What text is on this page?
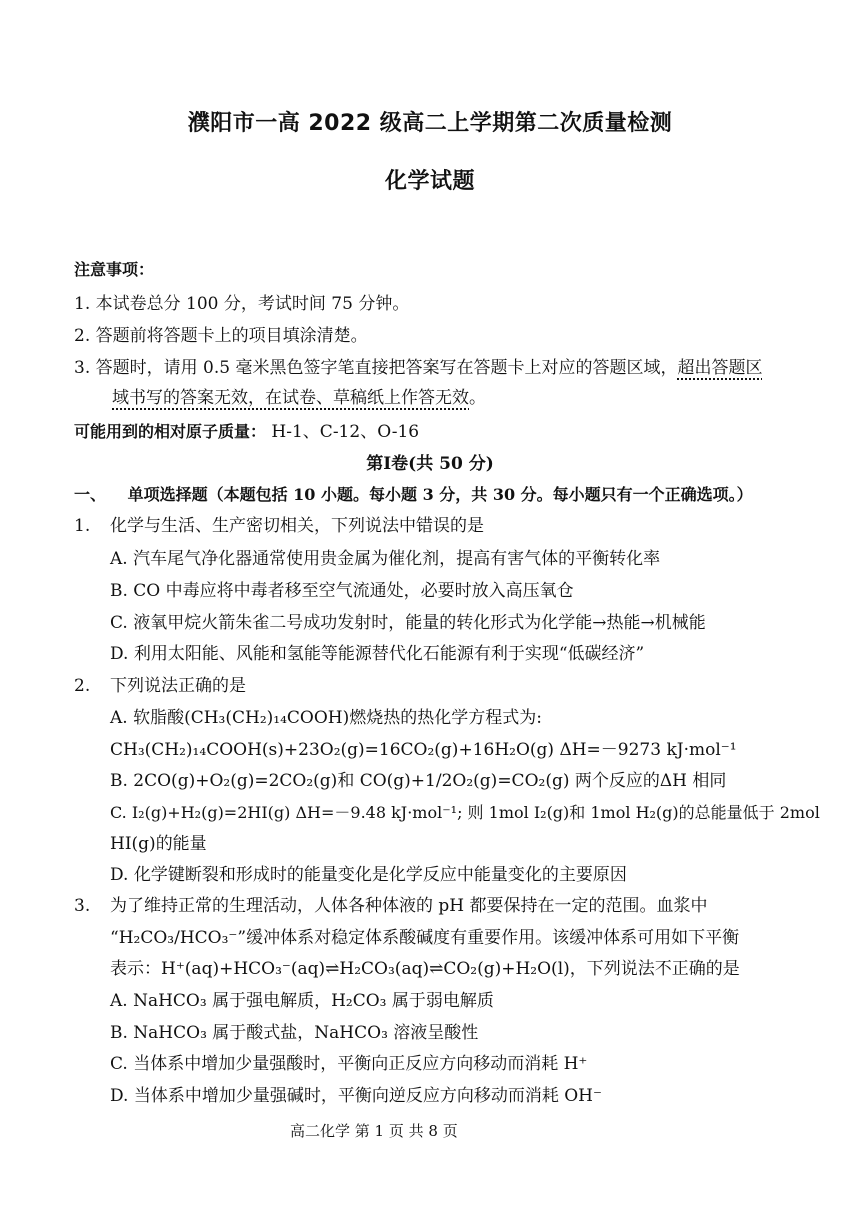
濮阳市一高 2022 级高二上学期第二次质量检测
化学试题
注意事项：
1. 本试卷总分 100 分，考试时间 75 分钟。
2. 答题前将答题卡上的项目填涂清楚。
3. 答题时，请用 0.5 毫米黑色签字笔直接把答案写在答题卡上对应的答题区域，超出答题区
域书写的答案无效，在试卷、草稿纸上作答无效。
可能用到的相对原子质量： H-1、C-12、O-16
第Ⅰ卷(共 50 分)
一、 单项选择题（本题包括 10 小题。每小题 3 分，共 30 分。每小题只有一个正确选项。）
1. 化学与生活、生产密切相关，下列说法中错误的是
A. 汽车尾气净化器通常使用贵金属为催化剂，提高有害气体的平衡转化率
B. CO 中毒应将中毒者移至空气流通处，必要时放入高压氧仓
C. 液氧甲烷火箭朱雀二号成功发射时，能量的转化形式为化学能→热能→机械能
D. 利用太阳能、风能和氢能等能源替代化石能源有利于实现“低碳经济”
2. 下列说法正确的是
A. 软脂酸(CH₃(CH₂)₁₄COOH)燃烧热的热化学方程式为:
CH₃(CH₂)₁₄COOH(s)+23O₂(g)=16CO₂(g)+16H₂O(g) ΔH=－9273 kJ·mol⁻¹
B. 2CO(g)+O₂(g)=2CO₂(g)和 CO(g)+1/2O₂(g)=CO₂(g) 两个反应的ΔH 相同
C. I₂(g)+H₂(g)=2HI(g) ΔH=－9.48 kJ·mol⁻¹; 则 1mol I₂(g)和 1mol H₂(g)的总能量低于 2mol
HI(g)的能量
D. 化学键断裂和形成时的能量变化是化学反应中能量变化的主要原因
3. 为了维持正常的生理活动，人体各种体液的 pH 都要保持在一定的范围。血浆中
“H₂CO₃/HCO₃⁻”缓冲体系对稳定体系酸碱度有重要作用。该缓冲体系可用如下平衡
表示：H⁺(aq)+HCO₃⁻(aq)⇌H₂CO₃(aq)⇌CO₂(g)+H₂O(l)，下列说法不正确的是
A. NaHCO₃ 属于强电解质，H₂CO₃ 属于弱电解质
B. NaHCO₃ 属于酸式盐，NaHCO₃ 溶液呈酸性
C. 当体系中增加少量强酸时，平衡向正反应方向移动而消耗 H⁺
D. 当体系中增加少量强碱时，平衡向逆反应方向移动而消耗 OH⁻
高二化学 第 1 页 共 8 页
